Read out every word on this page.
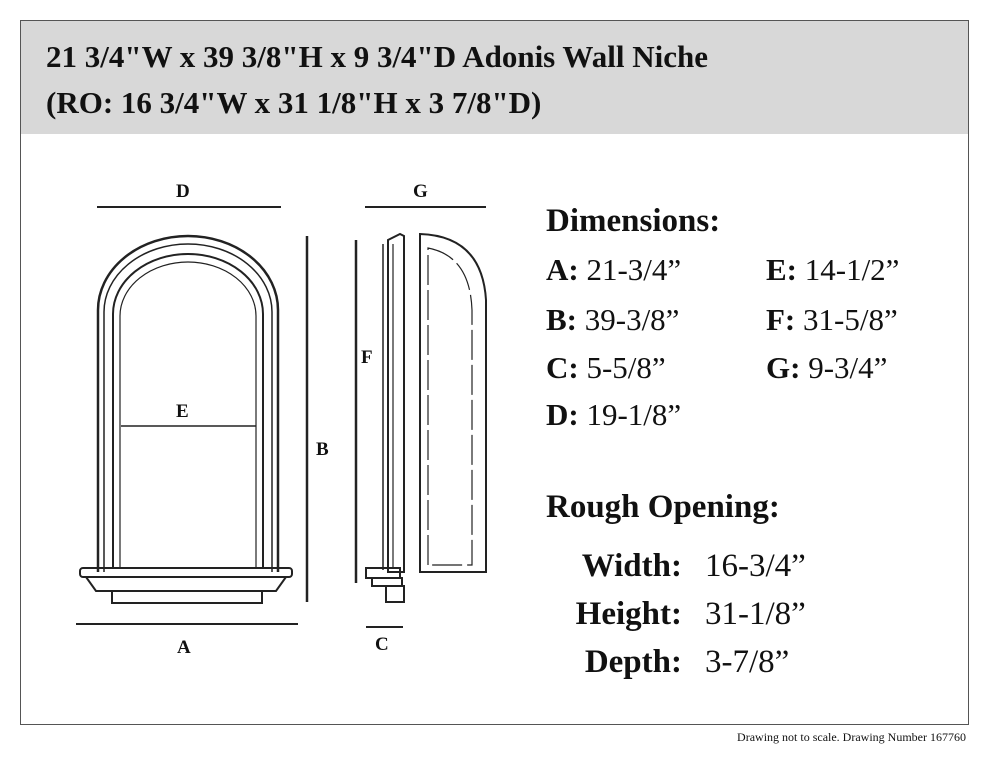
21 3/4"W x 39 3/8"H x 9 3/4"D Adonis Wall Niche
(RO: 16 3/4"W x 31 1/8"H x 3 7/8"D)
D
E
B
A
G
F
C
Dimensions:
A: 21-3/4”
B: 39-3/8”
C: 5-5/8”
D: 19-1/8”
E: 14-1/2”
F: 31-5/8”
G: 9-3/4”
Rough Opening:
Width: 16-3/4”
Height: 31-1/8”
Depth: 3-7/8”
Drawing not to scale. Drawing Number 167760
